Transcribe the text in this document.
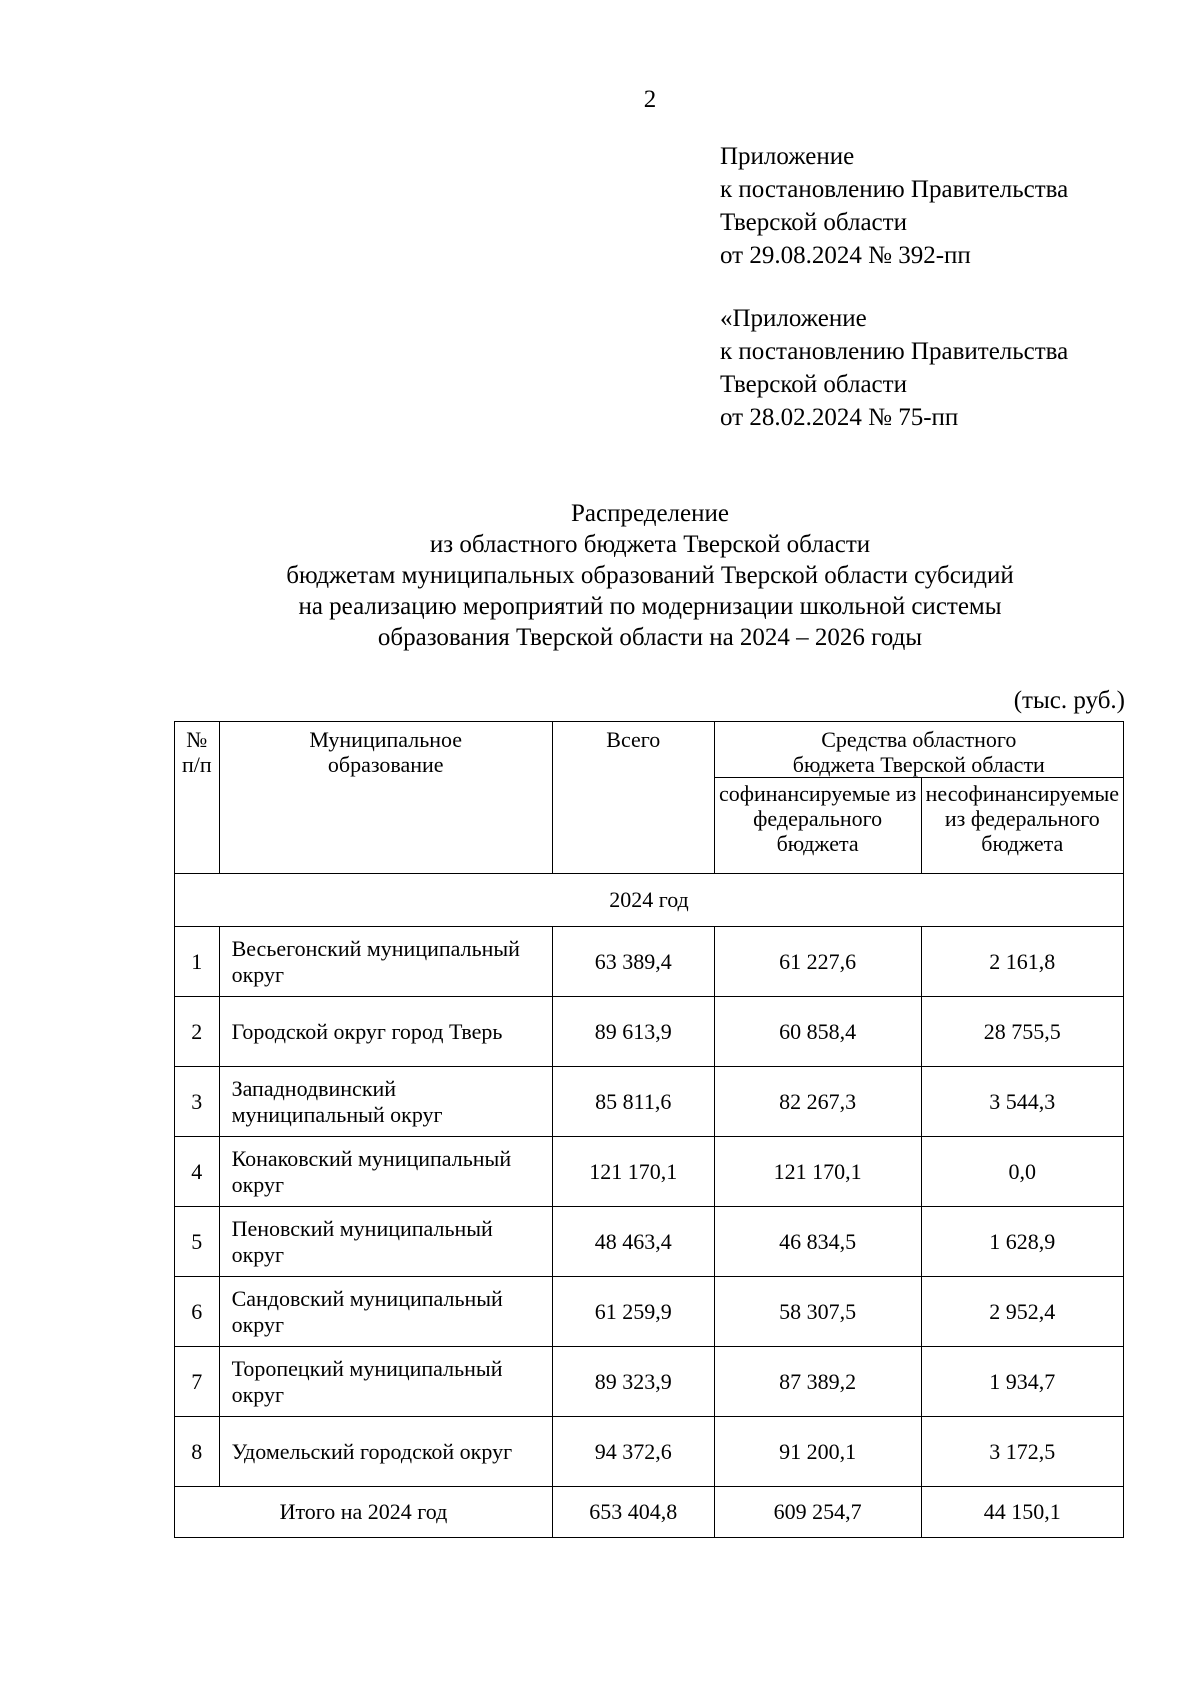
2
Приложение
к постановлению Правительства
Тверской области
от 29.08.2024 № 392-пп
«Приложение
к постановлению Правительства
Тверской области
от 28.02.2024 № 75-пп
Распределение
из областного бюджета Тверской области
бюджетам муниципальных образований Тверской области субсидий
на реализацию мероприятий по модернизации школьной системы
образования Тверской области на 2024 – 2026 годы
(тыс. руб.)
№ п/п	Муниципальное образование	Всего	Средства областного бюджета Тверской области	
			софинансируемые из федерального бюджета	несофинансируемые из федерального бюджета
2024 год				
1	Весьегонский муниципальный округ	63 389,4	61 227,6	2 161,8
2	Городской округ город Тверь	89 613,9	60 858,4	28 755,5
3	Западнодвинский муниципальный округ	85 811,6	82 267,3	3 544,3
4	Конаковский муниципальный округ	121 170,1	121 170,1	0,0
5	Пеновский муниципальный округ	48 463,4	46 834,5	1 628,9
6	Сандовский муниципальный округ	61 259,9	58 307,5	2 952,4
7	Торопецкий муниципальный округ	89 323,9	87 389,2	1 934,7
8	Удомельский городской округ	94 372,6	91 200,1	3 172,5
Итого на 2024 год		653 404,8	609 254,7	44 150,1
